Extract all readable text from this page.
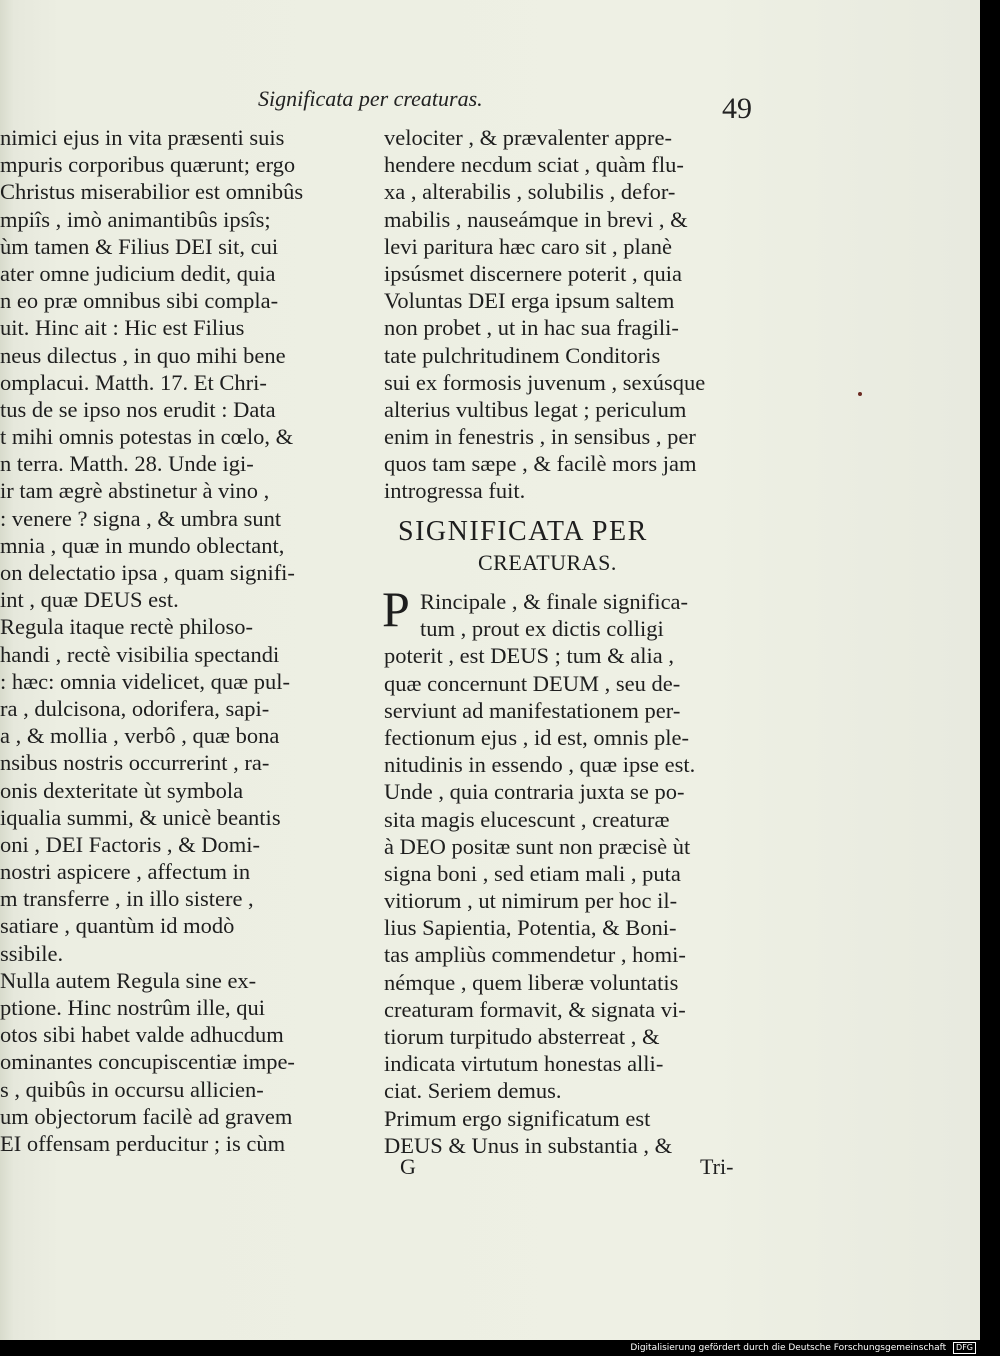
Significata per creaturas.	49
nimici ejus in vita præsenti suis
mpuris corporibus quærunt; ergo
Christus miserabilior est omnibûs
mpiîs , imò animantibûs ipsîs;
ùm tamen & Filius DEI sit, cui
ater omne judicium dedit, quia
n eo præ omnibus sibi compla-
uit. Hinc ait : Hic est Filius
neus dilectus , in quo mihi bene
omplacui. Matth. 17. Et Chri-
tus de se ipso nos erudit : Data
t mihi omnis potestas in cœlo, &
n terra. Matth. 28. Unde igi-
ir tam ægrè abstinetur à vino ,
: venere ? signa , & umbra sunt
mnia , quæ in mundo oblectant,
on delectatio ipsa , quam signifi-
int , quæ DEUS est.
Regula itaque rectè philoso-
handi , rectè visibilia spectandi
: hæc: omnia videlicet, quæ pul-
ra , dulcisona, odorifera, sapi-
a , & mollia , verbô , quæ bona
nsibus nostris occurrerint , ra-
onis dexteritate ùt symbola
iqualia summi, & unicè beantis
oni , DEI Factoris , & Domi-
nostri aspicere , affectum in
m transferre , in illo sistere ,
satiare , quantùm id modò
ssibile.
Nulla autem Regula sine ex-
ptione. Hinc nostrûm ille, qui
otos sibi habet valde adhucdum
ominantes concupiscentiæ impe-
s , quibûs in occursu allicien-
um objectorum facilè ad gravem
EI offensam perducitur ; is cùm
velociter , & prævalenter appre-
hendere necdum sciat , quàm flu-
xa , alterabilis , solubilis , defor-
mabilis , nauseámque in brevi , &
levi paritura hæc caro sit , planè
ipsúsmet discernere poterit , quia
Voluntas DEI erga ipsum saltem
non probet , ut in hac sua fragili-
tate pulchritudinem Conditoris
sui ex formosis juvenum , sexúsque
alterius vultibus legat ; periculum
enim in fenestris , in sensibus , per
quos tam sæpe , & facilè mors jam
introgressa fuit.
SIGNIFICATA PER
CREATURAS.
P Rincipale , & finale significa-
tum , prout ex dictis colligi
poterit , est DEUS ; tum & alia ,
quæ concernunt DEUM , seu de-
serviunt ad manifestationem per-
fectionum ejus , id est, omnis ple-
nitudinis in essendo , quæ ipse est.
Unde , quia contraria juxta se po-
sita magis elucescunt , creaturæ
à DEO positæ sunt non præcisè ùt
signa boni , sed etiam mali , puta
vitiorum , ut nimirum per hoc il-
lius Sapientia, Potentia, & Boni-
tas ampliùs commendetur , homi-
némque , quem liberæ voluntatis
creaturam formavit, & signata vi-
tiorum turpitudo absterreat , &
indicata virtutum honestas alli-
ciat. Seriem demus.
Primum ergo significatum est
DEUS & Unus in substantia , &
G	Tri-
Digitalisierung gefördert durch die Deutsche Forschungsgemeinschaft DFG
